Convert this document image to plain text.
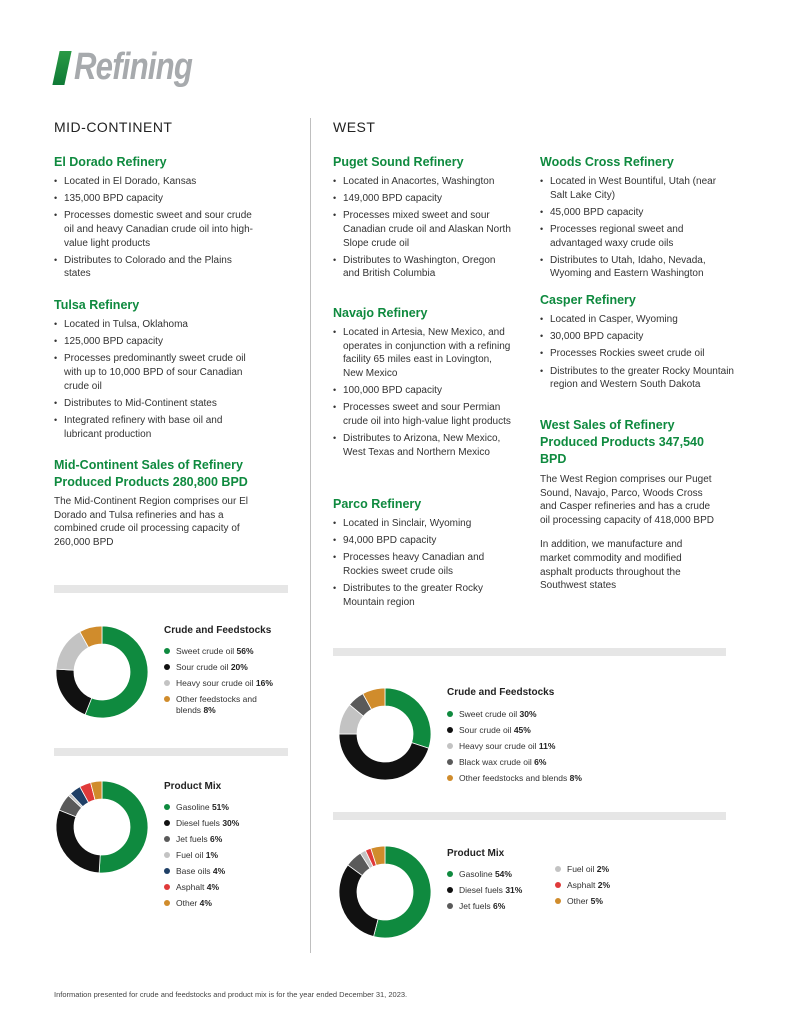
Refining
MID-CONTINENT	WEST
El Dorado Refinery
• Located in El Dorado, Kansas
• 135,000 BPD capacity
• Processes domestic sweet and sour crude oil and heavy Canadian crude oil into high-value light products
• Distributes to Colorado and the Plains states
Tulsa Refinery
• Located in Tulsa, Oklahoma
• 125,000 BPD capacity
• Processes predominantly sweet crude oil with up to 10,000 BPD of sour Canadian crude oil
• Distributes to Mid-Continent states
• Integrated refinery with base oil and lubricant production
Mid-Continent Sales of Refinery Produced Products 280,800 BPD

The Mid-Continent Region comprises our El Dorado and Tulsa refineries and has a combined crude oil processing capacity of 260,000 BPD

Crude and Feedstocks
Sweet crude oil 56%
Sour crude oil 20%
Heavy sour crude oil 16%
Other feedstocks and blends 8%
Product Mix
Gasoline 51%
Diesel fuels 30%
Jet fuels 6%
Fuel oil 1%
Base oils 4%
Asphalt 4%
Other 4%
Puget Sound Refinery
• Located in Anacortes, Washington
• 149,000 BPD capacity
• Processes mixed sweet and sour Canadian crude oil and Alaskan North Slope crude oil
• Distributes to Washington, Oregon and British Columbia
Navajo Refinery
• Located in Artesia, New Mexico, and operates in conjunction with a refining facility 65 miles east in Lovington, New Mexico
• 100,000 BPD capacity
• Processes sweet and sour Permian crude oil into high-value light products
• Distributes to Arizona, New Mexico, West Texas and Northern Mexico
Parco Refinery
• Located in Sinclair, Wyoming
• 94,000 BPD capacity
• Processes heavy Canadian and Rockies sweet crude oils
• Distributes to the greater Rocky Mountain region
Woods Cross Refinery
• Located in West Bountiful, Utah (near Salt Lake City)
• 45,000 BPD capacity
• Processes regional sweet and advantaged waxy crude oils
• Distributes to Utah, Idaho, Nevada, Wyoming and Eastern Washington
Casper Refinery
• Located in Casper, Wyoming
• 30,000 BPD capacity
• Processes Rockies sweet crude oil
• Distributes to the greater Rocky Mountain region and Western South Dakota
West Sales of Refinery Produced Products 347,540 BPD

The West Region comprises our Puget Sound, Navajo, Parco, Woods Cross and Casper refineries and has a crude oil processing capacity of 418,000 BPD

In addition, we manufacture and market commodity and modified asphalt products throughout the Southwest states

Crude and Feedstocks
Sweet crude oil 30%
Sour crude oil 45%
Heavy sour crude oil 11%
Black wax crude oil 6%
Other feedstocks and blends 8%
Product Mix
Gasoline 54%
Diesel fuels 31%
Jet fuels 6%
Fuel oil 2%
Asphalt 2%
Other 5%
Information presented for crude and feedstocks and product mix is for the year ended December 31, 2023.
